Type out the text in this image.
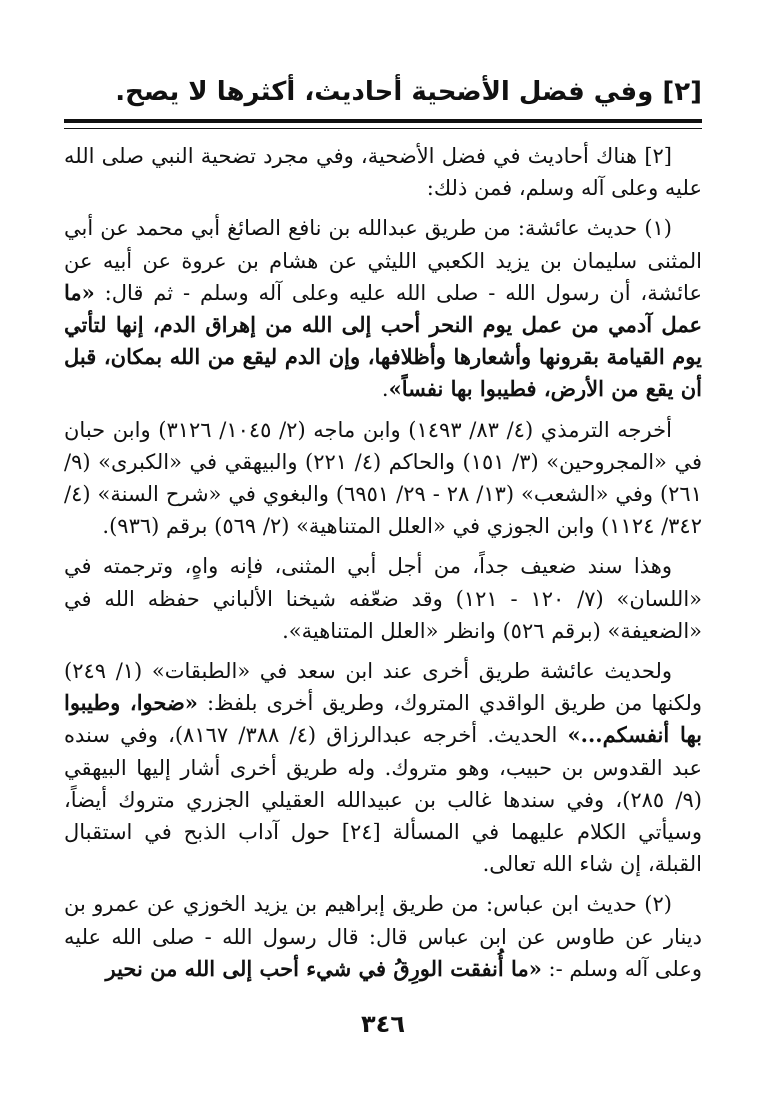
[٢] وفي فضل الأضحية أحاديث، أكثرها لا يصح.

[٢] هناك أحاديث في فضل الأضحية، وفي مجرد تضحية النبي صلى الله عليه وعلى آله وسلم، فمن ذلك:

(١) حديث عائشة: من طريق عبدالله بن نافع الصائغ أبي محمد عن أبي المثنى سليمان بن يزيد الكعبي الليثي عن هشام بن عروة عن أبيه عن عائشة، أن رسول الله - صلى الله عليه وعلى آله وسلم - ثم قال: «ما عمل آدمي من عمل يوم النحر أحب إلى الله من إهراق الدم، إنها لتأتي يوم القيامة بقرونها وأشعارها وأظلافها، وإن الدم ليقع من الله بمكان، قبل أن يقع من الأرض، فطيبوا بها نفساً».

أخرجه الترمذي (٤/ ٨٣/ ١٤٩٣) وابن ماجه (٢/ ١٠٤٥/ ٣١٢٦) وابن حبان في «المجروحين» (٣/ ١٥١) والحاكم (٤/ ٢٢١) والبيهقي في «الكبرى» (٩/ ٢٦١) وفي «الشعب» (١٣/ ٢٨ - ٢٩/ ٦٩٥١) والبغوي في «شرح السنة» (٤/ ٣٤٢/ ١١٢٤) وابن الجوزي في «العلل المتناهية» (٢/ ٥٦٩) برقم (٩٣٦).

وهذا سند ضعيف جداً، من أجل أبي المثنى، فإنه واهٍ، وترجمته في «اللسان» (٧/ ١٢٠ - ١٢١) وقد ضعّفه شيخنا الألباني حفظه الله في «الضعيفة» (برقم ٥٢٦) وانظر «العلل المتناهية».

ولحديث عائشة طريق أخرى عند ابن سعد في «الطبقات» (١/ ٢٤٩) ولكنها من طريق الواقدي المتروك، وطريق أخرى بلفظ: «ضحوا، وطيبوا بها أنفسكم...» الحديث. أخرجه عبدالرزاق (٤/ ٣٨٨/ ٨١٦٧)، وفي سنده عبد القدوس بن حبيب، وهو متروك. وله طريق أخرى أشار إليها البيهقي (٩/ ٢٨٥)، وفي سندها غالب بن عبيدالله العقيلي الجزري متروك أيضاً، وسيأتي الكلام عليهما في المسألة [٢٤] حول آداب الذبح في استقبال القبلة، إن شاء الله تعالى.

(٢) حديث ابن عباس: من طريق إبراهيم بن يزيد الخوزي عن عمرو بن دينار عن طاوس عن ابن عباس قال: قال رسول الله - صلى الله عليه وعلى آله وسلم -: «ما أُنفقت الورِقُ في شيء أحب إلى الله من نحير

٣٤٦
